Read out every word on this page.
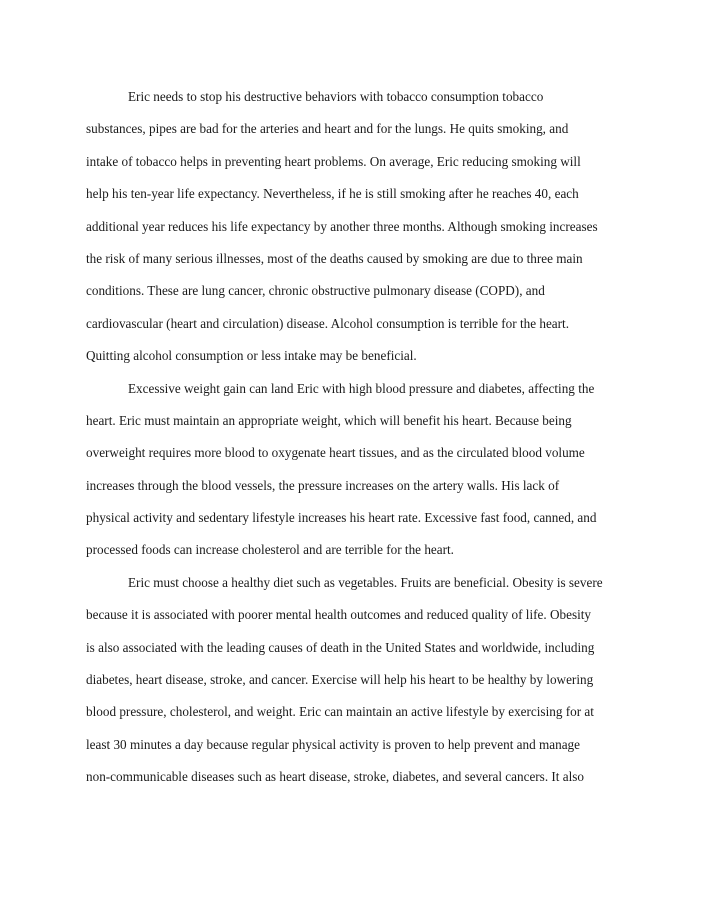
Eric needs to stop his destructive behaviors with tobacco consumption tobacco
substances, pipes are bad for the arteries and heart and for the lungs. He quits smoking, and
intake of tobacco helps in preventing heart problems. On average, Eric reducing smoking will
help his ten-year life expectancy. Nevertheless, if he is still smoking after he reaches 40, each
additional year reduces his life expectancy by another three months. Although smoking increases
the risk of many serious illnesses, most of the deaths caused by smoking are due to three main
conditions. These are lung cancer, chronic obstructive pulmonary disease (COPD), and
cardiovascular (heart and circulation) disease. Alcohol consumption is terrible for the heart.
Quitting alcohol consumption or less intake may be beneficial.

Excessive weight gain can land Eric with high blood pressure and diabetes, affecting the
heart. Eric must maintain an appropriate weight, which will benefit his heart. Because being
overweight requires more blood to oxygenate heart tissues, and as the circulated blood volume
increases through the blood vessels, the pressure increases on the artery walls. His lack of
physical activity and sedentary lifestyle increases his heart rate. Excessive fast food, canned, and
processed foods can increase cholesterol and are terrible for the heart.

Eric must choose a healthy diet such as vegetables. Fruits are beneficial. Obesity is severe
because it is associated with poorer mental health outcomes and reduced quality of life. Obesity
is also associated with the leading causes of death in the United States and worldwide, including
diabetes, heart disease, stroke, and cancer. Exercise will help his heart to be healthy by lowering
blood pressure, cholesterol, and weight. Eric can maintain an active lifestyle by exercising for at
least 30 minutes a day because regular physical activity is proven to help prevent and manage
non-communicable diseases such as heart disease, stroke, diabetes, and several cancers. It also
